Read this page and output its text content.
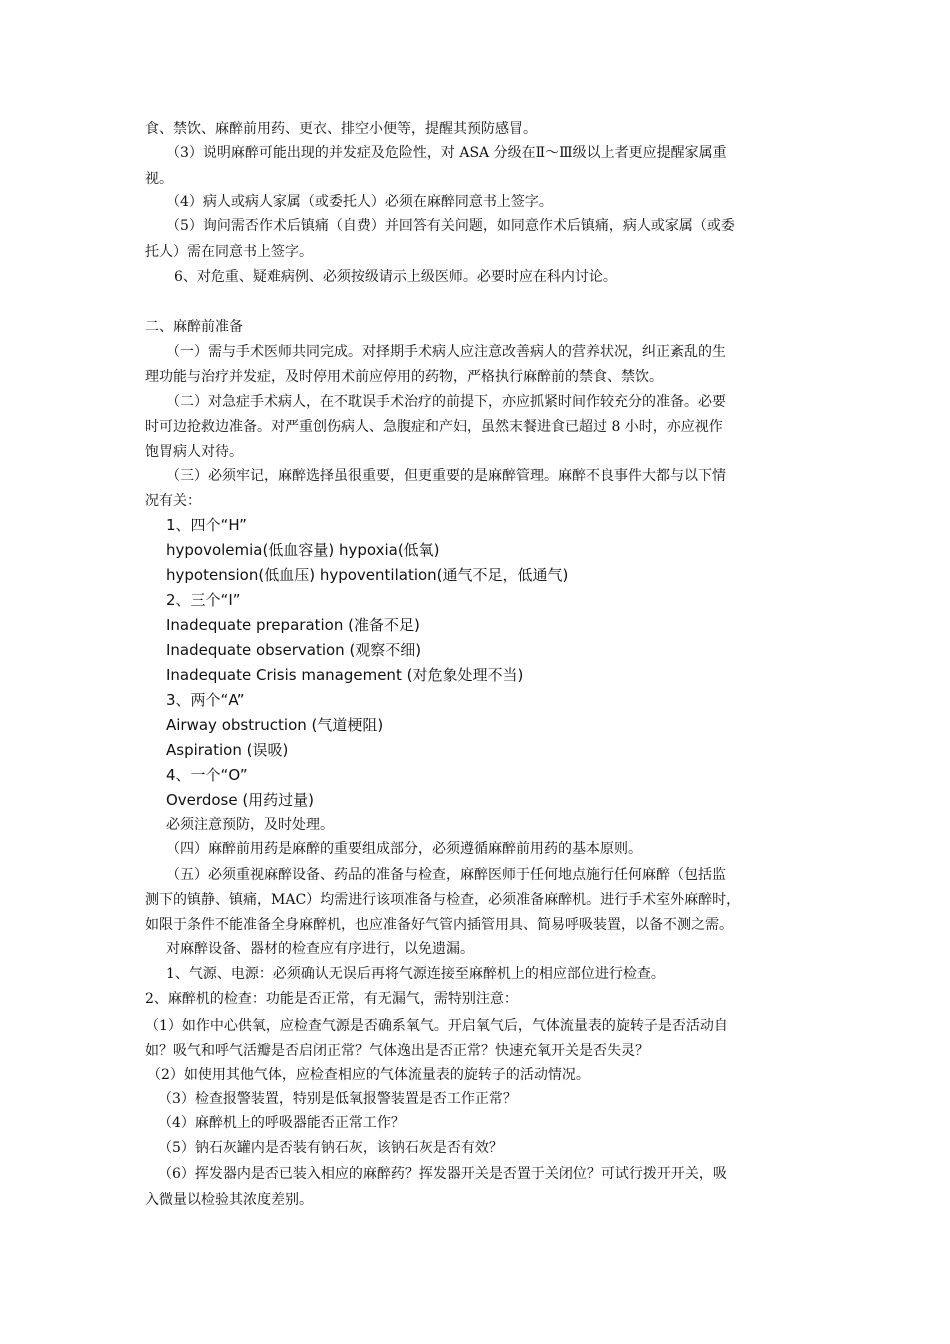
食、禁饮、麻醉前用药、更衣、排空小便等，提醒其预防感冒。
（3）说明麻醉可能出现的并发症及危险性，对 ASA 分级在Ⅱ～Ⅲ级以上者更应提醒家属重
视。
（4）病人或病人家属（或委托人）必须在麻醉同意书上签字。
（5）询问需否作术后镇痛（自费）并回答有关问题，如同意作术后镇痛，病人或家属（或委
托人）需在同意书上签字。
6、对危重、疑难病例、必须按级请示上级医师。必要时应在科内讨论。
二、麻醉前准备
（一）需与手术医师共同完成。对择期手术病人应注意改善病人的营养状况，纠正紊乱的生
理功能与治疗并发症，及时停用术前应停用的药物，严格执行麻醉前的禁食、禁饮。
（二）对急症手术病人，在不耽误手术治疗的前提下，亦应抓紧时间作较充分的准备。必要
时可边抢救边准备。对严重创伤病人、急腹症和产妇，虽然末餐进食已超过 8 小时，亦应视作
饱胃病人对待。
（三）必须牢记，麻醉选择虽很重要，但更重要的是麻醉管理。麻醉不良事件大都与以下情
况有关：
1、四个“H”
hypovolemia(低血容量) hypoxia(低氧)
hypotension(低血压) hypoventilation(通气不足，低通气)
2、三个“I”
Inadequate preparation (准备不足)
Inadequate observation (观察不细)
Inadequate Crisis management (对危象处理不当)
3、两个“A”
Airway obstruction (气道梗阻)
Aspiration (误吸)
4、一个“O”
Overdose (用药过量)
必须注意预防，及时处理。
（四）麻醉前用药是麻醉的重要组成部分，必须遵循麻醉前用药的基本原则。
（五）必须重视麻醉设备、药品的准备与检查，麻醉医师于任何地点施行任何麻醉（包括监
测下的镇静、镇痛，MAC）均需进行该项准备与检查，必须准备麻醉机。进行手术室外麻醉时，
如限于条件不能准备全身麻醉机，也应准备好气管内插管用具、简易呼吸装置，以备不测之需。
对麻醉设备、器材的检查应有序进行，以免遗漏。
1、气源、电源：必须确认无误后再将气源连接至麻醉机上的相应部位进行检查。
2、麻醉机的检查：功能是否正常，有无漏气，需特别注意：
（1）如作中心供氧，应检查气源是否确系氧气。开启氧气后，气体流量表的旋转子是否活动自
如？吸气和呼气活瓣是否启闭正常？气体逸出是否正常？快速充氧开关是否失灵？
（2）如使用其他气体，应检查相应的气体流量表的旋转子的活动情况。
（3）检查报警装置，特别是低氧报警装置是否工作正常？
（4）麻醉机上的呼吸器能否正常工作？
（5）钠石灰罐内是否装有钠石灰，该钠石灰是否有效？
（6）挥发器内是否已装入相应的麻醉药？挥发器开关是否置于关闭位？可试行拨开开关，吸
入微量以检验其浓度差别。
